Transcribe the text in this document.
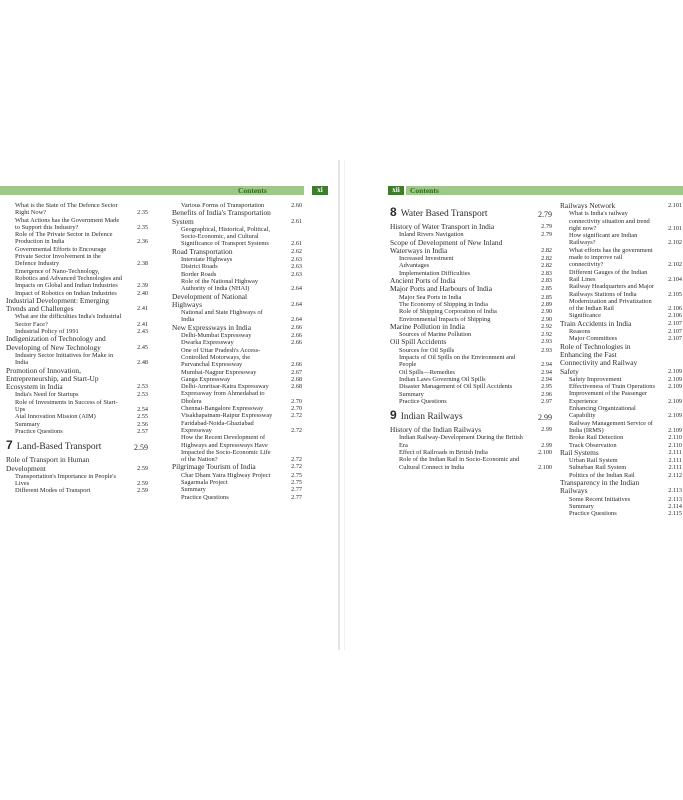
Contents	xi
What is the State of The Defence Sector Right Now?	2.35
What Actions has the Government Made to Support this Industry?	2.35
Role of The Private Sector in Defence Production in India	2.36
Governmental Efforts to Encourage Private Sector Involvement in the Defence Industry	2.38
Emergence of Nano-Technology, Robotics and Advanced Technologies and Impacts on Global and Indian Industries	2.39
Impact of Robotics on Indian Industries	2.40
Industrial Development: Emerging Trends and Challenges	2.41
What are the difficulties India's Industrial Sector Face?	2.41
Industrial Policy of 1991	2.43
Indigenization of Technology and Developing of New Technology	2.45
Industry Sector Initiatives for Make in India	2.48
Promotion of Innovation, Entrepreneurship, and Start-Up Ecosystem in India	2.53
India's Need for Startups	2.53
Role of Investments in Success of Start-Ups	2.54
Atal Innovation Mission (AIM)	2.55
Summary	2.56
Practice Questions	2.57
7 Land-Based Transport	2.59
Role of Transport in Human Development	2.59
Transportation's Importance in People's Lives	2.59
Different Modes of Transport	2.59
Various Forms of Transportation	2.60
Benefits of India's Transportation System	2.61
Geographical, Historical, Political, Socio-Economic, and Cultural Significance of Transport Systems	2.61
Road Transportation	2.62
Interstate Highways	2.63
District Roads	2.63
Border Roads	2.63
Role of the National Highway Authority of India (NHAI)	2.64
Development of National Highways	2.64
National and State Highways of India	2.64
New Expressways in India	2.66
Delhi-Mumbai Expressway	2.66
Dwarka Expressway	2.66
One of Uttar Pradesh's Access-Controlled Motorways, the Purvanchal Expressway	2.66
Mumbai-Nagpur Expressway	2.67
Ganga Expressway	2.68
Delhi-Amritsar-Katra Expressway	2.68
Expressway from Ahmedabad to Dholera	2.70
Chennai-Bangalore Expressway	2.70
Visakhapatnam-Raipur Expressway	2.72
Faridabad-Noida-Ghaziabad Expressway	2.72
How the Recent Development of Highways and Expressways Have Impacted the Socio-Economic Life of the Nation?	2.72
Pilgrimage Tourism of India	2.72
Char Dham Yatra Highway Project	2.75
Sagarmala Project	2.75
Summary	2.77
Practice Questions	2.77
xii	Contents
8 Water Based Transport	2.79
History of Water Transport in India	2.79
Inland Rivers Navigation	2.79
Scope of Development of New Inland Waterways in India	2.82
Increased Investment	2.82
Advantages	2.82
Implementation Difficulties	2.83
Ancient Ports of India	2.83
Major Ports and Harbours of India	2.85
Major Sea Ports in India	2.85
The Economy of Shipping in India	2.89
Role of Shipping Corporation of India	2.90
Environmental Impacts of Shipping	2.90
Marine Pollution in India	2.92
Sources of Marine Pollution	2.92
Oil Spill Accidents	2.93
Sources for Oil Spills	2.93
Impacts of Oil Spills on the Environment and People	2.94
Oil Spills—Remedies	2.94
Indian Laws Governing Oil Spills	2.94
Disaster Management of Oil Spill Accidents	2.95
Summary	2.96
Practice Questions	2.97
9 Indian Railways	2.99
History of the Indian Railways	2.99
Indian Railway-Development During the British Era	2.99
Effect of Railroads in British India	2.100
Role of the Indian Rail in Socio-Economic and Cultural Connect in India	2.100
Railways Network	2.101
What is India's railway connectivity situation and trend right now?	2.101
How significant are Indian Railways?	2.102
What efforts has the government made to improve rail connectivity?	2.102
Different Gauges of the Indian Rail Lines	2.104
Railway Headquarters and Major Railways Stations of India	2.105
Modernization and Privatization of the Indian Rail	2.106
Significance	2.106
Train Accidents in India	2.107
Reasons	2.107
Major Committees	2.107
Role of Technologies in Enhancing the Fast Connectivity and Railway Safety	2.109
Safety Improvement	2.109
Effectiveness of Train Operations 2.109
Improvement of the Passenger Experience	2.109
Enhancing Organizational Capability	2.109
Railway Management Service of India (IRMS)	2.109
Broke Rail Detection	2.110
Track Observation	2.110
Rail Systems	2.111
Urban Rail System	2.111
Suburban Rail System	2.111
Politics of the Indian Rail	2.112
Transparency in the Indian Railways	2.113
Some Recent Initiatives	2.113
Summary	2.114
Practice Questions	2.115
